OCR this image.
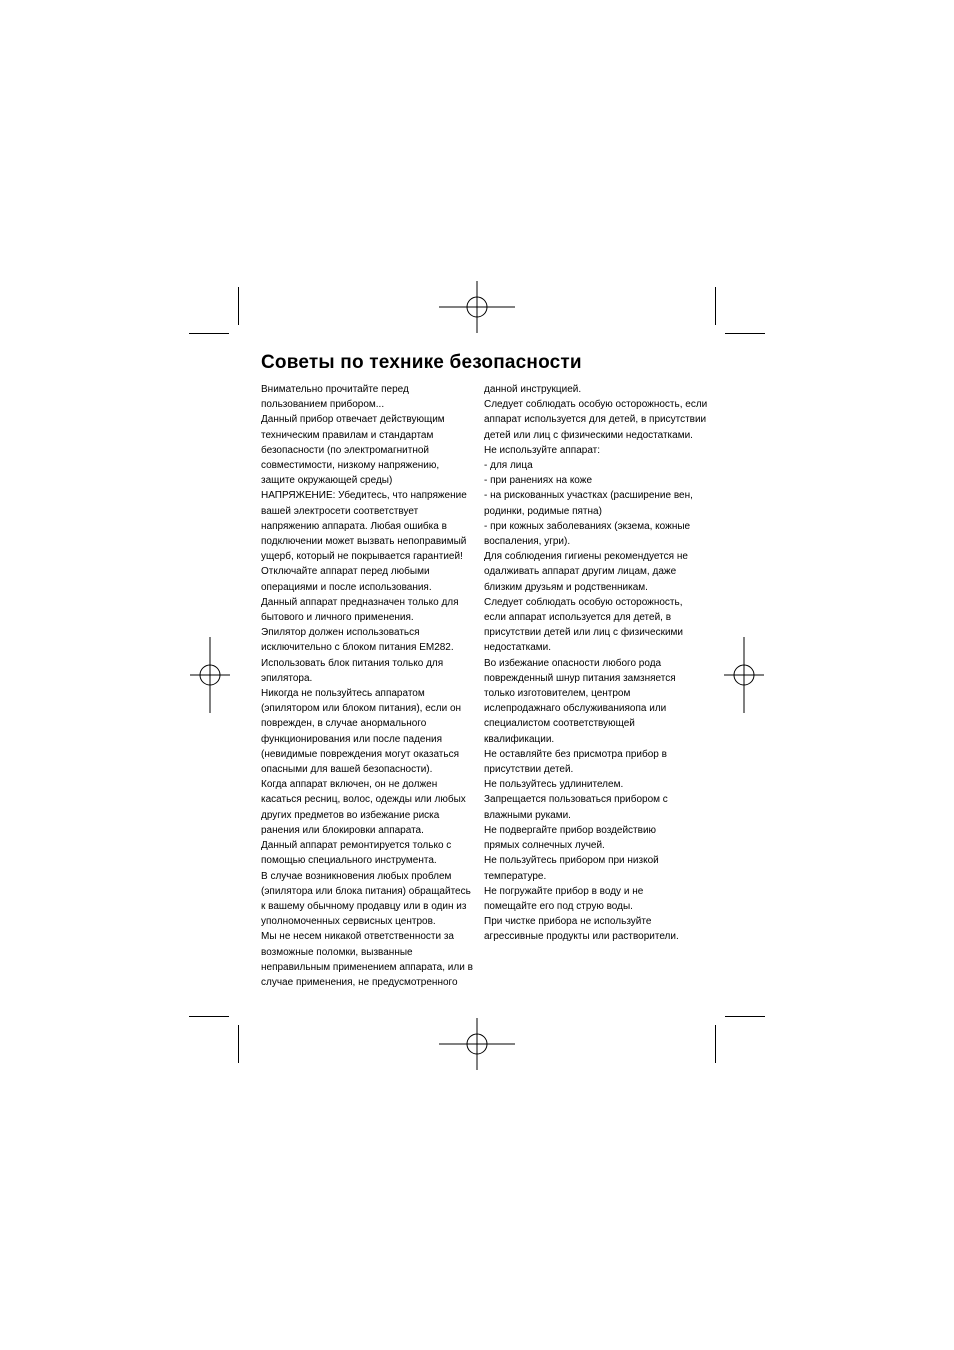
Советы по технике безопасности
Внимательно прочитайте перед
пользованием прибором...
Данный прибор отвечает действующим
техническим правилам и стандартам
безопасности (по электромагнитной
совместимости, низкому напряжению,
защите окружающей среды)
НАПРЯЖЕНИЕ: Убедитесь, что напряжение
вашей электросети соответствует
напряжению аппарата. Любая ошибка в
подключении может вызвать непоправимый
ущерб, который не покрывается гарантией!
Отключайте аппарат перед любыми
операциями и после использования.
Данный аппарат предназначен только для
бытового и личного применения.
Эпилятор должен использоваться
исключительно с блоком питания EM282.
Использовать блок питания только для
эпилятора.
Никогда не пользуйтесь аппаратом
(эпилятором или блоком питания), если он
поврежден, в случае анормального
функционирования или после падения
(невидимые повреждения могут оказаться
опасными для вашей безопасности).
Когда аппарат включен, он не должен
касаться ресниц, волос, одежды или любых
других предметов во избежание риска
ранения или блокировки аппарата.
Данный аппарат ремонтируется только с
помощью специального инструмента.
В случае возникновения любых проблем
(эпилятора или блока питания) обращайтесь
к вашему обычному продавцу или в один из
уполномоченных сервисных центров.
Мы не несем никакой ответственности за
возможные поломки, вызванные
неправильным применением аппарата, или в
случае применения, не предусмотренного
данной инструкцией.
Следует соблюдать особую осторожность, если
аппарат используется для детей, в присутствии
детей или лиц с физическими недостатками.
Не используйте аппарат:
- для лица
- при ранениях на коже
- на рискованных участках (расширение вен,
родинки, родимые пятна)
- при кожных заболеваниях (экзема, кожные
воспаления, угри).
Для соблюдения гигиены рекомендуется не
одалживать аппарат другим лицам, даже
близким друзьям и родственникам.
Следует соблюдать особую осторожность,
если аппарат используется для детей, в
присутствии детей или лиц с физическими
недостатками.
Во избежание опасности любого рода
поврежденный шнур питания замзняется
только изготовителем, центром
ислепродажнаго обслуживанияопа или
специалистом соответствующей
квалификации.
Не оставляйте без присмотра прибор в
присутствии детей.
Не пользуйтесь удлинителем.
Запрещается пользоваться прибором с
влажными руками.
Не подвергайте прибор воздействию
прямых солнечных лучей.
Не пользуйтесь прибором при низкой
температуре.
Не погружайте прибор в воду и не
помещайте его под струю воды.
При чистке прибора не используйте
агрессивные продукты или растворители.
